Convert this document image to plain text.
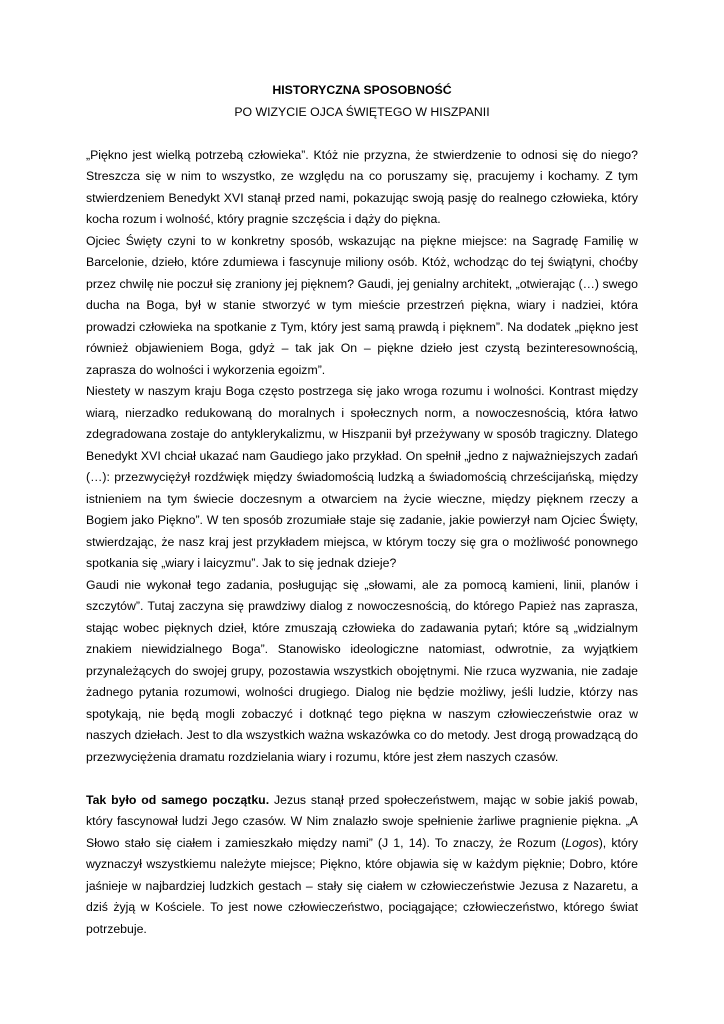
HISTORYCZNA SPOSOBNOŚĆ

PO WIZYCIE OJCA ŚWIĘTEGO W HISZPANII

„Piękno jest wielką potrzebą człowieka”. Któż nie przyzna, że stwierdzenie to odnosi się do niego? Streszcza się w nim to wszystko, ze względu na co poruszamy się, pracujemy i kochamy. Z tym stwierdzeniem Benedykt XVI stanął przed nami, pokazując swoją pasję do realnego człowieka, który kocha rozum i wolność, który pragnie szczęścia i dąży do piękna.

Ojciec Święty czyni to w konkretny sposób, wskazując na piękne miejsce: na Sagradę Familię w Barcelonie, dzieło, które zdumiewa i fascynuje miliony osób. Któż, wchodząc do tej świątyni, choćby przez chwilę nie poczuł się zraniony jej pięknem? Gaudi, jej genialny architekt, „otwierając (…) swego ducha na Boga, był w stanie stworzyć w tym mieście przestrzeń piękna, wiary i nadziei, która prowadzi człowieka na spotkanie z Tym, który jest samą prawdą i pięknem”. Na dodatek „piękno jest również objawieniem Boga, gdyż – tak jak On – piękne dzieło jest czystą bezinteresownością, zaprasza do wolności i wykorzenia egoizm”.

Niestety w naszym kraju Boga często postrzega się jako wroga rozumu i wolności. Kontrast między wiarą, nierzadko redukowaną do moralnych i społecznych norm, a nowoczesnością, która łatwo zdegradowana zostaje do antyklerykalizmu, w Hiszpanii był przeżywany w sposób tragiczny. Dlatego Benedykt XVI chciał ukazać nam Gaudiego jako przykład. On spełnił „jedno z najważniejszych zadań (…): przezwyciężył rozdźwięk między świadomością ludzką a świadomością chrześcijańską, między istnieniem na tym świecie doczesnym a otwarciem na życie wieczne, między pięknem rzeczy a Bogiem jako Piękno”. W ten sposób zrozumiałe staje się zadanie, jakie powierzył nam Ojciec Święty, stwierdzając, że nasz kraj jest przykładem miejsca, w którym toczy się gra o możliwość ponownego spotkania się „wiary i laicyzmu”. Jak to się jednak dzieje?

Gaudi nie wykonał tego zadania, posługując się „słowami, ale za pomocą kamieni, linii, planów i szczytów”. Tutaj zaczyna się prawdziwy dialog z nowoczesnością, do którego Papież nas zaprasza, stając wobec pięknych dzieł, które zmuszają człowieka do zadawania pytań; które są „widzialnym znakiem niewidzialnego Boga”. Stanowisko ideologiczne natomiast, odwrotnie, za wyjątkiem przynależących do swojej grupy, pozostawia wszystkich obojętnymi. Nie rzuca wyzwania, nie zadaje żadnego pytania rozumowi, wolności drugiego. Dialog nie będzie możliwy, jeśli ludzie, którzy nas spotykają, nie będą mogli zobaczyć i dotknąć tego piękna w naszym człowieczeństwie oraz w naszych dziełach. Jest to dla wszystkich ważna wskazówka co do metody. Jest drogą prowadzącą do przezwyciężenia dramatu rozdzielania wiary i rozumu, które jest złem naszych czasów.

Tak było od samego początku. Jezus stanął przed społeczeństwem, mając w sobie jakiś powab, który fascynował ludzi Jego czasów. W Nim znalazło swoje spełnienie żarliwe pragnienie piękna. „A Słowo stało się ciałem i zamieszkało między nami” (J 1, 14). To znaczy, że Rozum (Logos), który wyznaczył wszystkiemu należyte miejsce; Piękno, które objawia się w każdym pięknie; Dobro, które jaśnieje w najbardziej ludzkich gestach – stały się ciałem w człowieczeństwie Jezusa z Nazaretu, a dziś żyją w Kościele. To jest nowe człowieczeństwo, pociągające; człowieczeństwo, którego świat potrzebuje.
